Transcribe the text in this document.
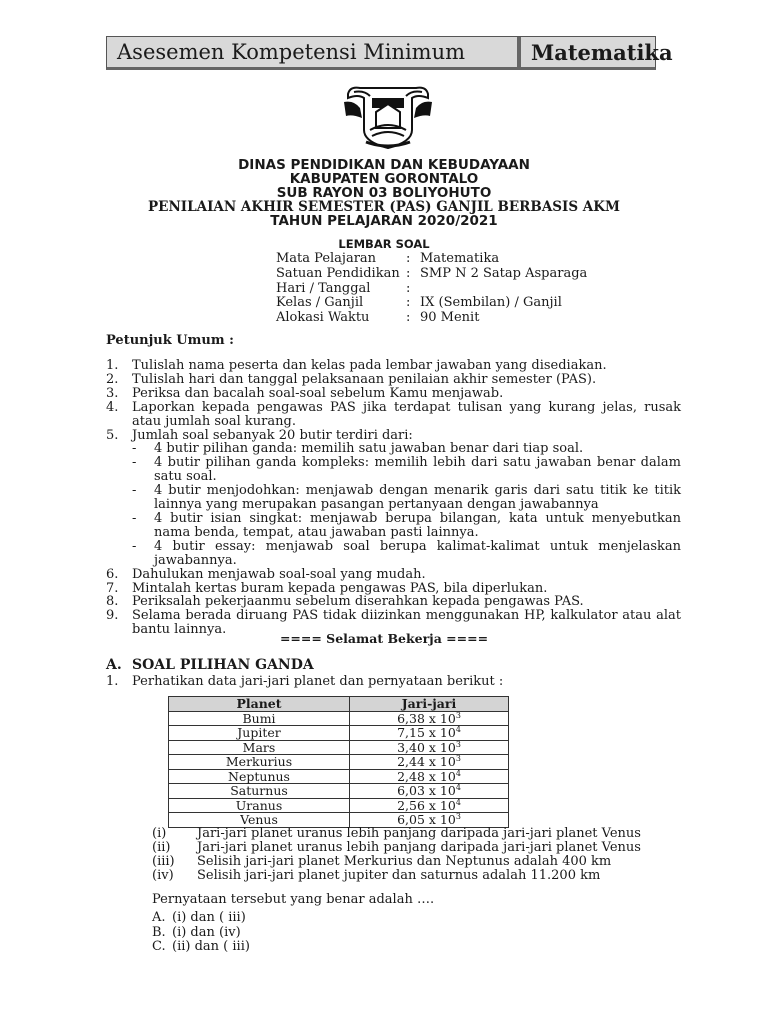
Asesemen Kompetensi Minimum	Matematika
DINAS PENDIDIKAN DAN KEBUDAYAAN
KABUPATEN GORONTALO
SUB RAYON 03 BOLIYOHUTO
PENILAIAN AKHIR SEMESTER (PAS) GANJIL BERBASIS AKM
TAHUN PELAJARAN 2020/2021
LEMBAR SOAL
Mata Pelajaran	: Matematika
Satuan Pendidikan : SMP N 2 Satap Asparaga
Hari / Tanggal	:
Kelas / Ganjil	: IX (Sembilan) / Ganjil
Alokasi Waktu	: 90 Menit
Petunjuk Umum :
1.	Tulislah nama peserta dan kelas pada lembar jawaban yang disediakan.
2.	Tulislah hari dan tanggal pelaksanaan penilaian akhir semester (PAS).
3.	Periksa dan bacalah soal-soal sebelum Kamu menjawab.
4.	Laporkan kepada pengawas PAS jika terdapat tulisan yang kurang jelas, rusak atau jumlah soal kurang.
5.	Jumlah soal sebanyak 20 butir terdiri dari:
-	4 butir pilihan ganda: memilih satu jawaban benar dari tiap soal.
-	4 butir pilihan ganda kompleks: memilih lebih dari satu jawaban benar dalam satu soal.
-	4 butir menjodohkan: menjawab dengan menarik garis dari satu titik ke titik lainnya yang merupakan pasangan pertanyaan dengan jawabannya
-	4 butir isian singkat: menjawab berupa bilangan, kata untuk menyebutkan nama benda, tempat, atau jawaban pasti lainnya.
-	4 butir essay: menjawab soal berupa kalimat-kalimat untuk menjelaskan jawabannya.
6.	Dahulukan menjawab soal-soal yang mudah.
7.	Mintalah kertas buram kepada pengawas PAS, bila diperlukan.
8.	Periksalah pekerjaanmu sebelum diserahkan kepada pengawas PAS.
9.	Selama berada diruang PAS tidak diizinkan menggunakan HP, kalkulator atau alat bantu lainnya.
==== Selamat Bekerja ====
A. SOAL PILIHAN GANDA
1.	Perhatikan data jari-jari planet dan pernyataan berikut :
Planet	Jari-jari
Bumi	6,38 x $10^3$
Jupiter	7,15 x $10^4$
Mars	3,40 x $10^3$
Merkurius	2,44 x $10^3$
Neptunus	2,48 x $10^4$
Saturnus	6,03 x $10^4$
Uranus	2,56 x $10^4$
Venus	6,05 x $10^3$
(i)	Jari-jari planet uranus lebih panjang daripada jari-jari planet Venus
(ii)	Jari-jari planet uranus lebih panjang daripada jari-jari planet Venus
(iii)	Selisih jari-jari planet Merkurius dan Neptunus adalah 400 km
(iv)	Selisih jari-jari planet jupiter dan saturnus adalah 11.200 km
Pernyataan tersebut yang benar adalah ….
A. (i) dan ( iii)
B. (i) dan (iv)
C. (ii) dan ( iii)
